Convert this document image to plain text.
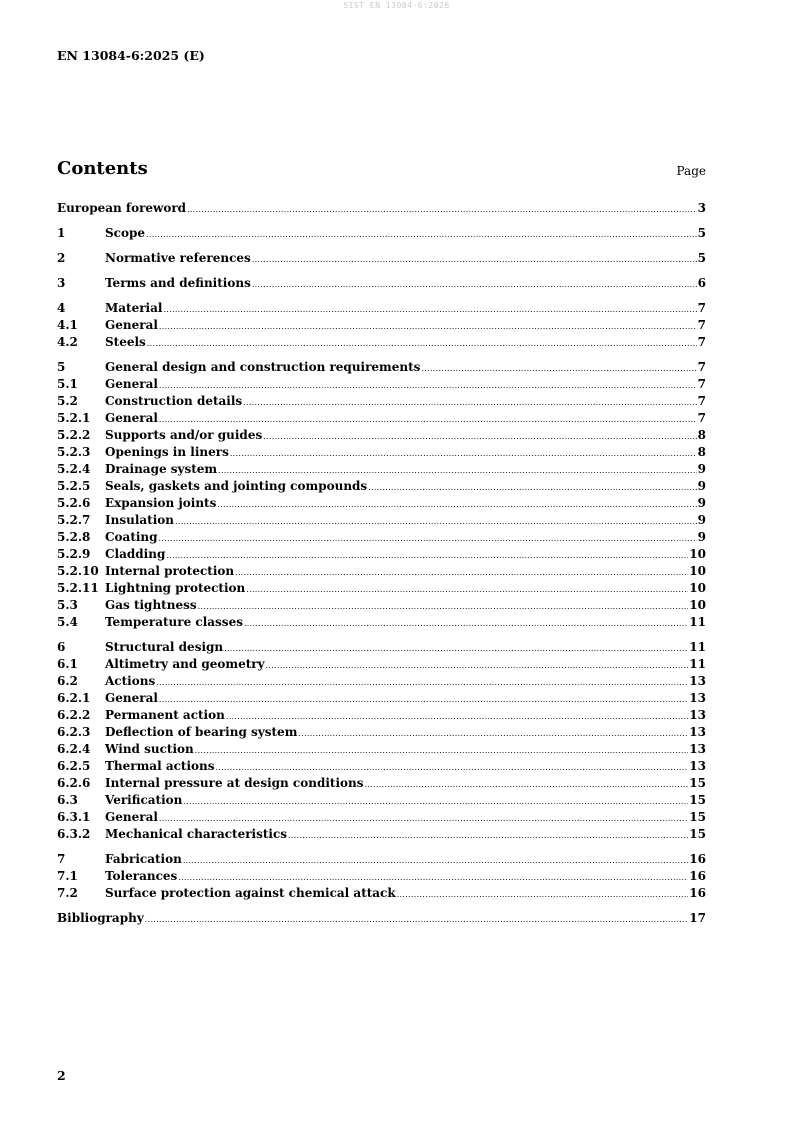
SIST EN 13084-6:2026
EN 13084-6:2025 (E)
Contents	Page
European foreword .....	3
1	Scope .....	5
2	Normative references .....	5
3	Terms and definitions .....	6
4	Material .....	7
4.1	General .....	7
4.2	Steels .....	7
5	General design and construction requirements .....	7
5.1	General .....	7
5.2	Construction details .....	7
5.2.1	General .....	7
5.2.2	Supports and/or guides .....	8
5.2.3	Openings in liners .....	8
5.2.4	Drainage system .....	9
5.2.5	Seals, gaskets and jointing compounds .....	9
5.2.6	Expansion joints .....	9
5.2.7	Insulation .....	9
5.2.8	Coating .....	9
5.2.9	Cladding .....	10
5.2.10 Internal protection .....	10
5.2.11 Lightning protection .....	10
5.3	Gas tightness .....	10
5.4	Temperature classes .....	11
6	Structural design .....	11
6.1	Altimetry and geometry .....	11
6.2	Actions .....	13
6.2.1	General .....	13
6.2.2	Permanent action .....	13
6.2.3	Deflection of bearing system .....	13
6.2.4	Wind suction .....	13
6.2.5	Thermal actions .....	13
6.2.6	Internal pressure at design conditions .....	15
6.3	Verification .....	15
6.3.1	General .....	15
6.3.2	Mechanical characteristics .....	15
7	Fabrication .....	16
7.1	Tolerances .....	16
7.2	Surface protection against chemical attack .....	16
Bibliography .....	17
2
